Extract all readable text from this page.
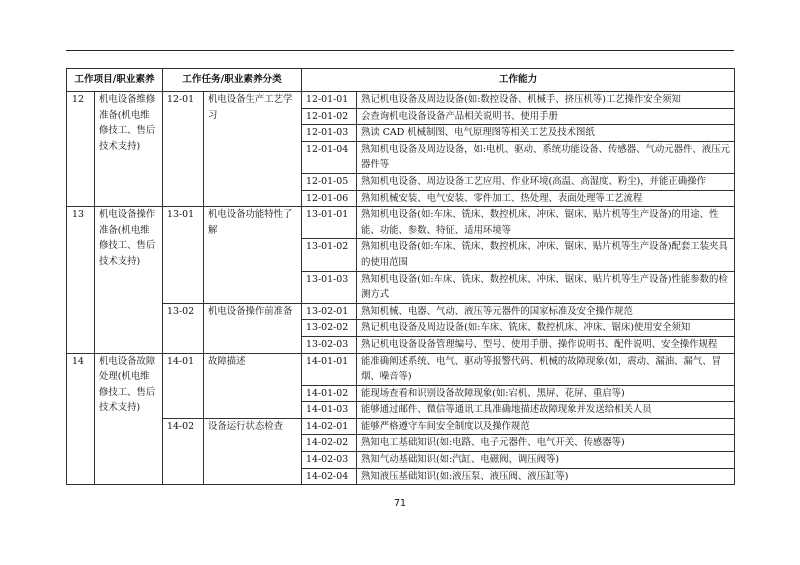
工作项目/职业素养		工作任务/职业素养分类		工作能力	
12	机电设备维修准备(机电维修技工、售后技术支持)	12-01	机电设备生产工艺学习	12-01-01	熟记机电设备及周边设备(如:数控设备、机械手、挤压机等)工艺操作安全须知
				12-01-02	会查询机电设备设备产品相关说明书、使用手册
				12-01-03	熟读 CAD 机械制图、电气原理图等相关工艺及技术图纸
				12-01-04	熟知机电设备及周边设备，如:电机、驱动、系统功能设备、传感器、气动元器件、液压元器件等
				12-01-05	熟知机电设备、周边设备工艺应用、作业环境(高温、高湿度、粉尘)，并能正确操作
				12-01-06	熟知机械安装、电气安装、零件加工、热处理、表面处理等工艺流程
13	机电设备操作准备(机电维修技工、售后技术支持)	13-01	机电设备功能特性了解	13-01-01	熟知机电设备(如:车床、铣床、数控机床、冲床、锯床、贴片机等生产设备)的用途、性能、功能、参数、特征、适用环境等
				13-01-02	熟知机电设备(如:车床、铣床、数控机床、冲床、锯床、贴片机等生产设备)配套工装夹具的使用范围
				13-01-03	熟知机电设备(如:车床、铣床、数控机床、冲床、锯床、贴片机等生产设备)性能参数的检测方式
		13-02	机电设备操作前准备	13-02-01	熟知机械、电器、气动、液压等元器件的国家标准及安全操作规范
				13-02-02	熟记机电设备及周边设备(如:车床、铣床、数控机床、冲床、锯床)使用安全须知
				13-02-03	熟记机电设备设备管理编号、型号、使用手册、操作说明书、配件说明、安全操作规程
14	机电设备故障处理(机电维修技工、售后技术支持)	14-01	故障描述	14-01-01	能准确阐述系统、电气、驱动等报警代码、机械的故障现象(如，震动、漏油、漏气、冒烟、噪音等)
				14-01-02	能现场查看和识别设备故障现象(如:宕机、黑屏、花屏、重启等)
				14-01-03	能够通过邮件、微信等通讯工具准确地描述故障现象并发送给相关人员
		14-02	设备运行状态检查	14-02-01	能够严格遵守车间安全制度以及操作规范
				14-02-02	熟知电工基础知识(如:电路、电子元器件、电气开关、传感器等)
				14-02-03	熟知气动基础知识(如:汽缸、电磁阀、调压阀等)
				14-02-04	熟知液压基础知识(如:液压泵、液压阀、液压缸等)
71
